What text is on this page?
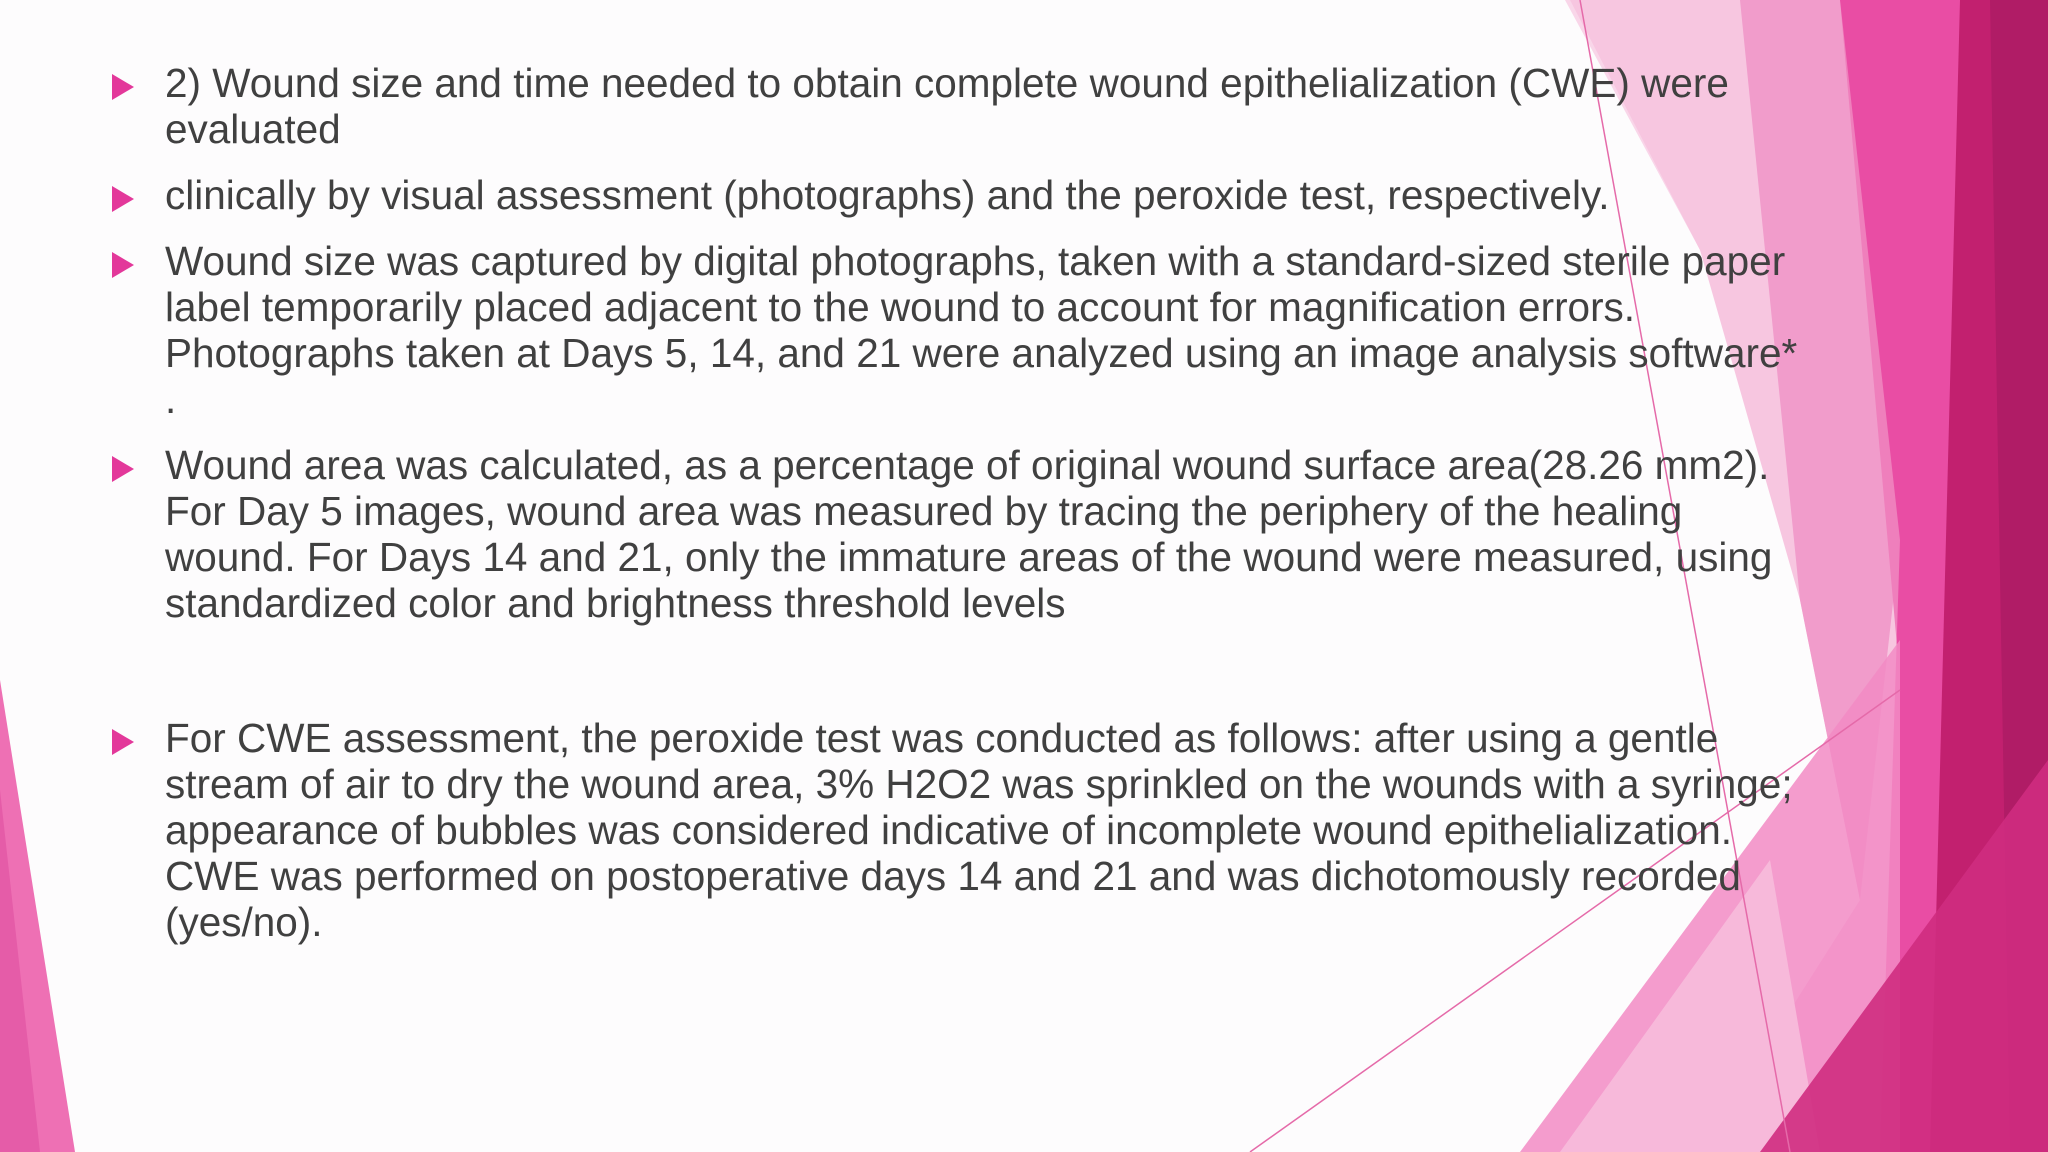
2) Wound size and time needed to obtain complete wound epithelialization (CWE) were
evaluated
clinically by visual assessment (photographs) and the peroxide test, respectively.
Wound size was captured by digital photographs, taken with a standard-sized sterile paper
label temporarily placed adjacent to the wound to account for magnification errors.
Photographs taken at Days 5, 14, and 21 were analyzed using an image analysis software*
.
Wound area was calculated, as a percentage of original wound surface area(28.26 mm2).
For Day 5 images, wound area was measured by tracing the periphery of the healing
wound. For Days 14 and 21, only the immature areas of the wound were measured, using
standardized color and brightness threshold levels
For CWE assessment, the peroxide test was conducted as follows: after using a gentle
stream of air to dry the wound area, 3% H2O2 was sprinkled on the wounds with a syringe;
appearance of bubbles was considered indicative of incomplete wound epithelialization.
CWE was performed on postoperative days 14 and 21 and was dichotomously recorded
(yes/no).
